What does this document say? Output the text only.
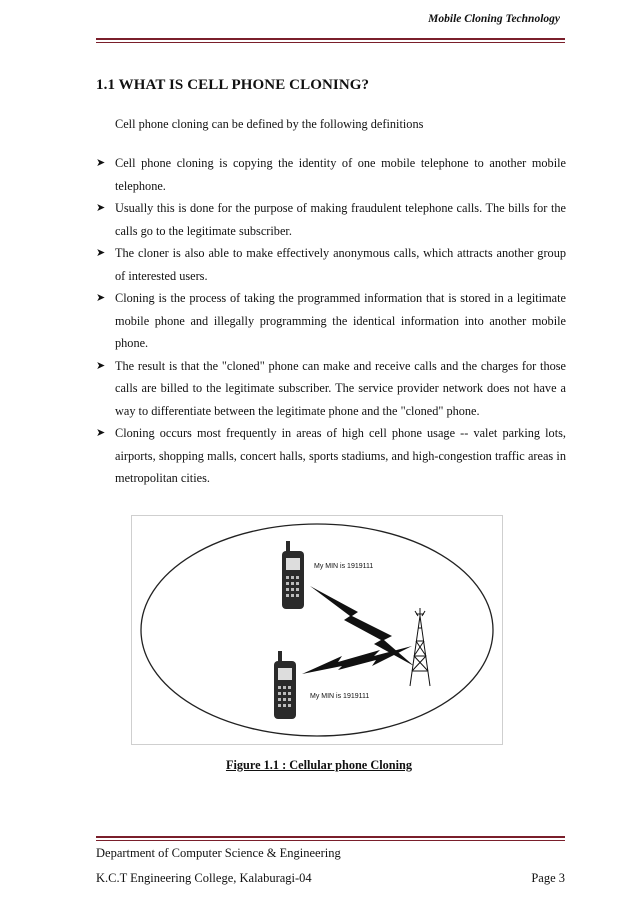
Mobile Cloning Technology
1.1 WHAT IS CELL PHONE CLONING?
Cell phone cloning can be defined by the following definitions
➤ Cell phone cloning is copying the identity of one mobile telephone to another mobile telephone.
➤ Usually this is done for the purpose of making fraudulent telephone calls. The bills for the calls go to the legitimate subscriber.
➤ The cloner is also able to make effectively anonymous calls, which attracts another group of interested users.
➤ Cloning is the process of taking the programmed information that is stored in a legitimate mobile phone and illegally programming the identical information into another mobile phone.
➤ The result is that the "cloned" phone can make and receive calls and the charges for those calls are billed to the legitimate subscriber. The service provider network does not have a way to differentiate between the legitimate phone and the "cloned" phone.
➤ Cloning occurs most frequently in areas of high cell phone usage -- valet parking lots, airports, shopping malls, concert halls, sports stadiums, and high-congestion traffic areas in metropolitan cities.
My MIN is 1919111
My MIN is 1919111
Figure 1.1 : Cellular phone Cloning
Department of Computer Science & Engineering
K.C.T Engineering College, Kalaburagi-04	Page 3
